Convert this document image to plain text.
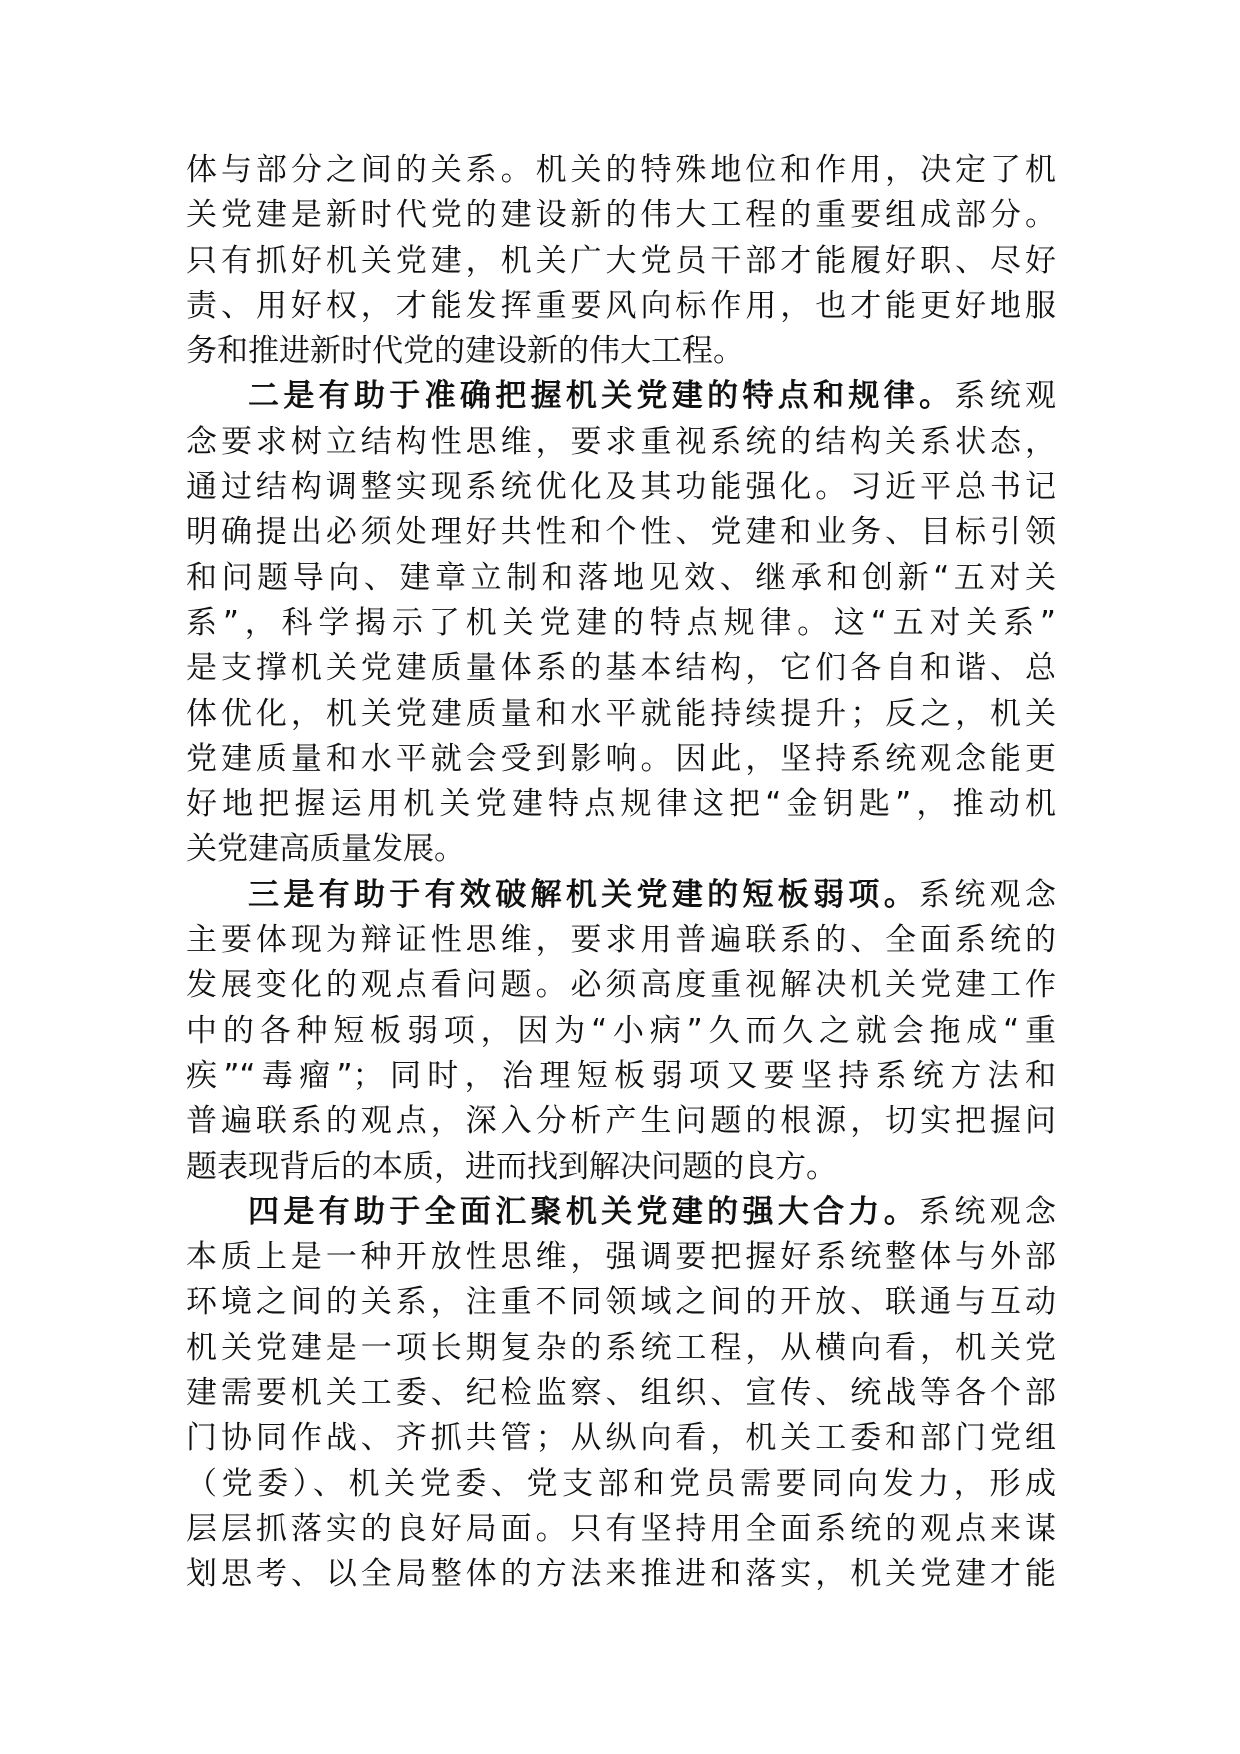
体与部分之间的关系。机关的特殊地位和作用，决定了机
关党建是新时代党的建设新的伟大工程的重要组成部分。
只有抓好机关党建，机关广大党员干部才能履好职、尽好
责、用好权，才能发挥重要风向标作用，也才能更好地服
务和推进新时代党的建设新的伟大工程。
二是有助于准确把握机关党建的特点和规律。系统观
念要求树立结构性思维，要求重视系统的结构关系状态，
通过结构调整实现系统优化及其功能强化。习近平总书记
明确提出必须处理好共性和个性、党建和业务、目标引领
和问题导向、建章立制和落地见效、继承和创新“五对关
系”，科学揭示了机关党建的特点规律。这“五对关系”
是支撑机关党建质量体系的基本结构，它们各自和谐、总
体优化，机关党建质量和水平就能持续提升；反之，机关
党建质量和水平就会受到影响。因此，坚持系统观念能更
好地把握运用机关党建特点规律这把“金钥匙”，推动机
关党建高质量发展。
三是有助于有效破解机关党建的短板弱项。系统观念
主要体现为辩证性思维，要求用普遍联系的、全面系统的
发展变化的观点看问题。必须高度重视解决机关党建工作
中的各种短板弱项，因为“小病”久而久之就会拖成“重
疾”“毒瘤”；同时，治理短板弱项又要坚持系统方法和
普遍联系的观点，深入分析产生问题的根源，切实把握问
题表现背后的本质，进而找到解决问题的良方。
四是有助于全面汇聚机关党建的强大合力。系统观念
本质上是一种开放性思维，强调要把握好系统整体与外部
环境之间的关系，注重不同领域之间的开放、联通与互动
机关党建是一项长期复杂的系统工程，从横向看，机关党
建需要机关工委、纪检监察、组织、宣传、统战等各个部
门协同作战、齐抓共管；从纵向看，机关工委和部门党组
（党委）、机关党委、党支部和党员需要同向发力，形成
层层抓落实的良好局面。只有坚持用全面系统的观点来谋
划思考、以全局整体的方法来推进和落实，机关党建才能
